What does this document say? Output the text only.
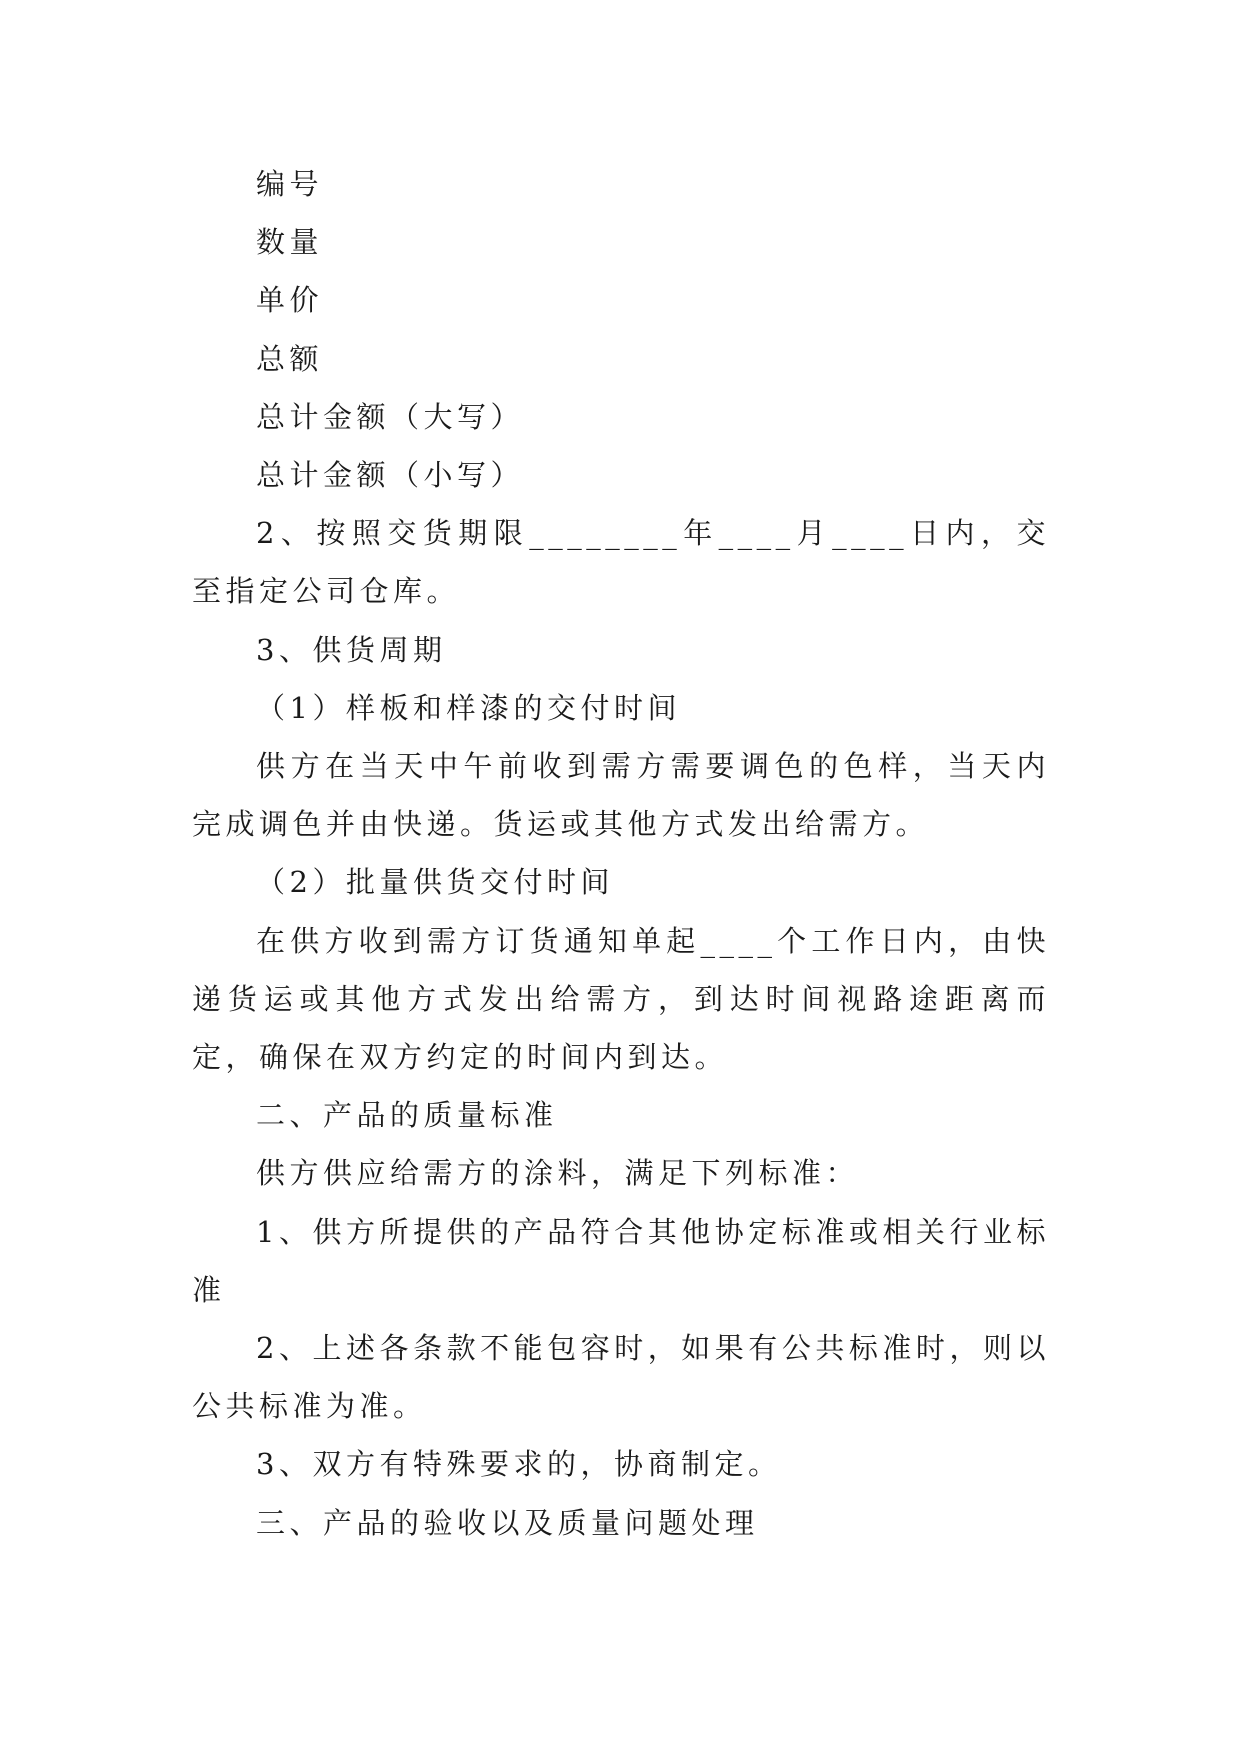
编号

数量

单价

总额

总计金额（大写）

总计金额（小写）

2、按照交货期限________年____月____日内，交至指定公司仓库。

3、供货周期

（1）样板和样漆的交付时间

供方在当天中午前收到需方需要调色的色样，当天内完成调色并由快递。货运或其他方式发出给需方。

（2）批量供货交付时间

在供方收到需方订货通知单起____个工作日内，由快递货运或其他方式发出给需方，到达时间视路途距离而定，确保在双方约定的时间内到达。

二、产品的质量标准

供方供应给需方的涂料，满足下列标准：

1、供方所提供的产品符合其他协定标准或相关行业标准

2、上述各条款不能包容时，如果有公共标准时，则以公共标准为准。

3、双方有特殊要求的，协商制定。

三、产品的验收以及质量问题处理
